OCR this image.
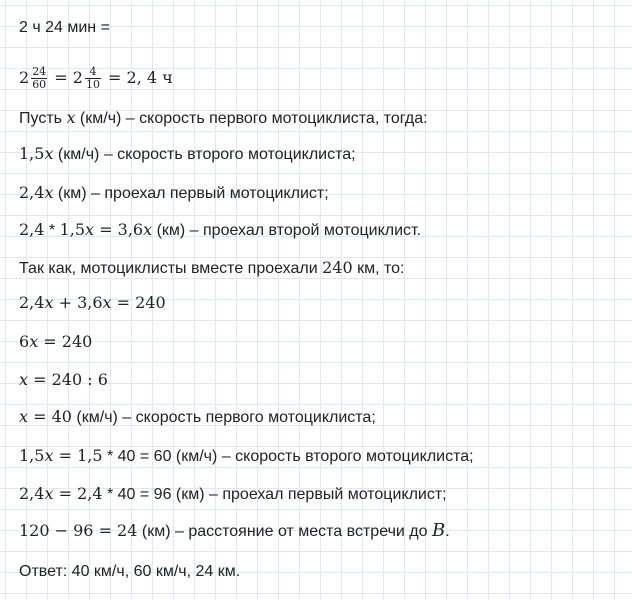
2 ч 24 мин =
$2 \frac{24}{60} = 2 \frac{4}{10} = 2$, 4 ч
Пусть x (км/ч) – скорость первого мотоциклиста, тогда:
1,5x (км/ч) – скорость второго мотоциклиста;
2,4x (км) – проехал первый мотоциклист;
2,4 * 1,5x = 3,6x (км) – проехал второй мотоциклист.
Так как, мотоциклисты вместе проехали 240 км, то:
2,4x + 3,6x = 240
6x = 240
x = 240 : 6
x = 40 (км/ч) – скорость первого мотоциклиста;
1,5x = 1,5 * 40 = 60 (км/ч) – скорость второго мотоциклиста;
2,4x = 2,4 * 40 = 96 (км) – проехал первый мотоциклист;
120 − 96 = 24 (км) – расстояние от места встречи до B.
Ответ: 40 км/ч, 60 км/ч, 24 км.
